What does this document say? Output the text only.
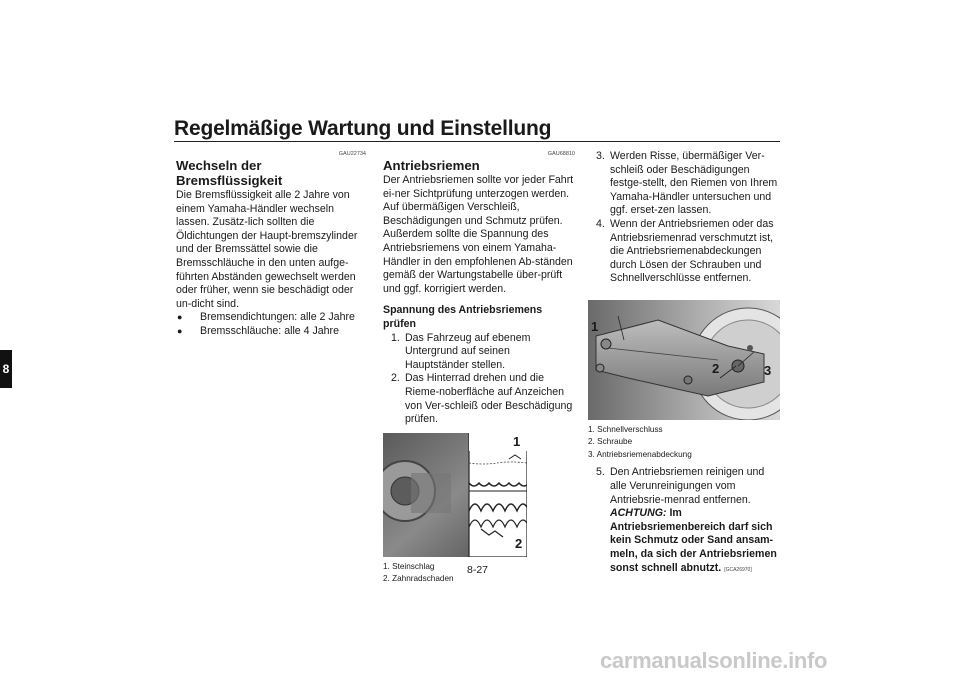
Regelmäßige Wartung und Einstellung
8
GAU22734
Wechseln der Bremsflüssigkeit

Die Bremsflüssigkeit alle 2 Jahre von einem Yamaha-Händler wechseln lassen. Zusätz-lich sollten die Öldichtungen der Haupt-bremszylinder und der Bremssättel sowie die Bremsschläuche in den unten aufge-führten Abständen gewechselt werden oder früher, wenn sie beschädigt oder un-dicht sind.

●	Bremsendichtungen: alle 2 Jahre
●	Bremsschläuche: alle 4 Jahre
GAU68810
Antriebsriemen

Der Antriebsriemen sollte vor jeder Fahrt ei-ner Sichtprüfung unterzogen werden. Auf übermäßigen Verschleiß, Beschädigungen und Schmutz prüfen. Außerdem sollte die Spannung des Antriebsriemens von einem Yamaha-Händler in den empfohlenen Ab-ständen gemäß der Wartungstabelle über-prüft und ggf. korrigiert werden.

Spannung des Antriebsriemens prüfen

1. Das Fahrzeug auf ebenem Untergrund auf seinen Hauptständer stellen.
2. Das Hinterrad drehen und die Rieme-noberfläche auf Anzeichen von Ver-schleiß oder Beschädigung prüfen.
1
2
1. Steinschlag
2. Zahnradschaden
3. Werden Risse, übermäßiger Ver-schleiß oder Beschädigungen festge-stellt, den Riemen von Ihrem Yamaha-Händler untersuchen und ggf. erset-zen lassen.
4. Wenn der Antriebsriemen oder das Antriebsriemenrad verschmutzt ist, die Antriebsriemenabdeckungen durch Lösen der Schrauben und Schnellverschlüsse entfernen.
1
2	3
1. Schnellverschluss
2. Schraube
3. Antriebsriemenabdeckung
5. Den Antriebsriemen reinigen und alle Verunreinigungen vom Antriebsrie-menrad entfernen. ACHTUNG: Im Antriebsriemenbereich darf sich kein Schmutz oder Sand ansam-meln, da sich der Antriebsriemen sonst schnell abnutzt. [GCA26970]
8-27
carmanualsonline.info
